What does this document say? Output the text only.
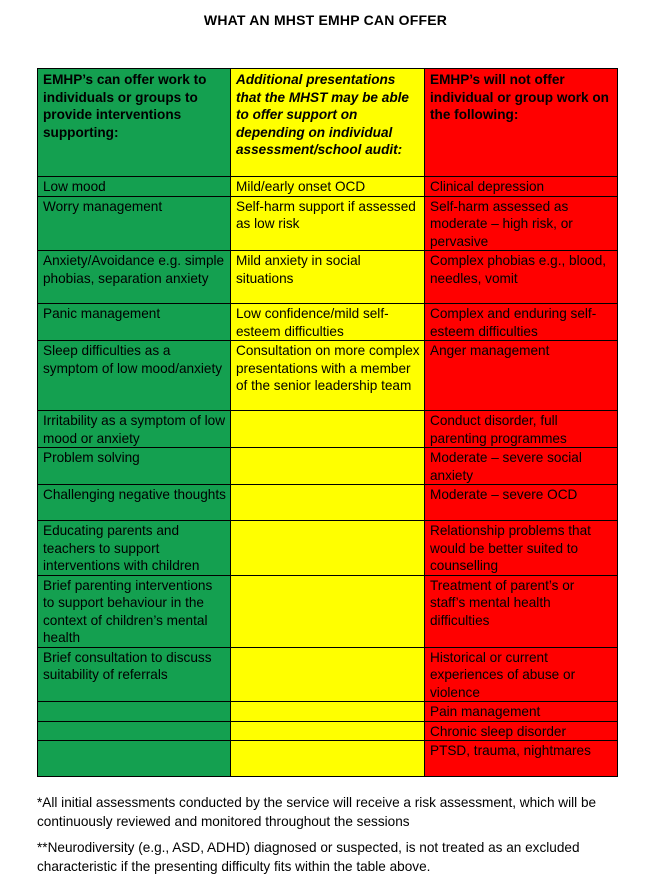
WHAT AN MHST EMHP CAN OFFER
EMHP’s can offer work to individuals or groups to provide interventions supporting:	Additional presentations that the MHST may be able to offer support on depending on individual assessment/school audit:	EMHP’s will not offer individual or group work on the following:
Low mood	Mild/early onset OCD	Clinical depression
Worry management	Self-harm support if assessed as low risk	Self-harm assessed as moderate – high risk, or pervasive
Anxiety/Avoidance e.g. simple phobias, separation anxiety	Mild anxiety in social situations	Complex phobias e.g., blood, needles, vomit
Panic management	Low confidence/mild self-esteem difficulties	Complex and enduring self-esteem difficulties
Sleep difficulties as a symptom of low mood/anxiety	Consultation on more complex presentations with a member of the senior leadership team	Anger management
Irritability as a symptom of low mood or anxiety		Conduct disorder, full parenting programmes
Problem solving		Moderate – severe social anxiety
Challenging negative thoughts		Moderate – severe OCD
Educating parents and teachers to support interventions with children		Relationship problems that would be better suited to counselling
Brief parenting interventions to support behaviour in the context of children’s mental health		Treatment of parent’s or staff’s mental health difficulties
Brief consultation to discuss suitability of referrals		Historical or current experiences of abuse or violence
		Pain management
		Chronic sleep disorder
		PTSD, trauma, nightmares
*All initial assessments conducted by the service will receive a risk assessment, which will be continuously reviewed and monitored throughout the sessions
**Neurodiversity (e.g., ASD, ADHD) diagnosed or suspected, is not treated as an excluded characteristic if the presenting difficulty fits within the table above.
